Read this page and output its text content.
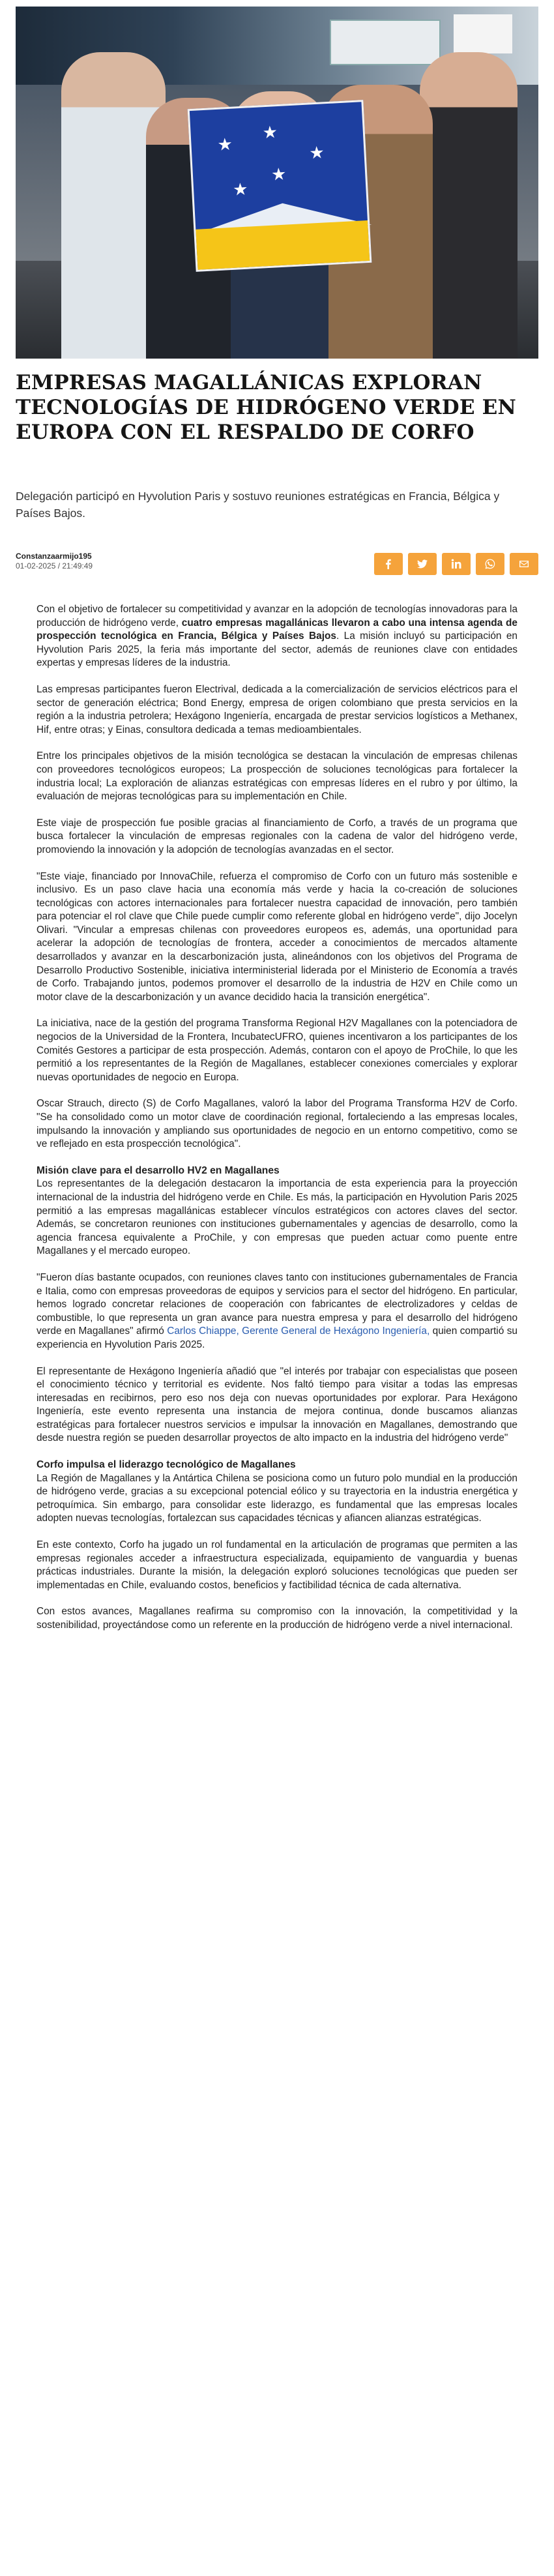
★
★
★
★
★
EMPRESAS MAGALLÁNICAS EXPLORAN TECNOLOGÍAS DE HIDRÓGENO VERDE EN EUROPA CON EL RESPALDO DE CORFO

Delegación participó en Hyvolution Paris y sostuvo reuniones estratégicas en Francia, Bélgica y Países Bajos.

Constanzaarmijo195
01-02-2025 / 21:49:49

Con el objetivo de fortalecer su competitividad y avanzar en la adopción de tecnologías innovadoras para la producción de hidrógeno verde, cuatro empresas magallánicas llevaron a cabo una intensa agenda de prospección tecnológica en Francia, Bélgica y Países Bajos. La misión incluyó su participación en Hyvolution Paris 2025, la feria más importante del sector, además de reuniones clave con entidades expertas y empresas líderes de la industria.

Las empresas participantes fueron Electrival, dedicada a la comercialización de servicios eléctricos para el sector de generación eléctrica; Bond Energy, empresa de origen colombiano que presta servicios en la región a la industria petrolera; Hexágono Ingeniería, encargada de prestar servicios logísticos a Methanex, Hif, entre otras; y Einas, consultora dedicada a temas medioambientales.

Entre los principales objetivos de la misión tecnológica se destacan la vinculación de empresas chilenas con proveedores tecnológicos europeos; La prospección de soluciones tecnológicas para fortalecer la industria local; La exploración de alianzas estratégicas con empresas líderes en el rubro y por último, la evaluación de mejoras tecnológicas para su implementación en Chile.

Este viaje de prospección fue posible gracias al financiamiento de Corfo, a través de un programa que busca fortalecer la vinculación de empresas regionales con la cadena de valor del hidrógeno verde, promoviendo la innovación y la adopción de tecnologías avanzadas en el sector.

"Este viaje, financiado por InnovaChile, refuerza el compromiso de Corfo con un futuro más sostenible e inclusivo. Es un paso clave hacia una economía más verde y hacia la co-creación de soluciones tecnológicas con actores internacionales para fortalecer nuestra capacidad de innovación, pero también para potenciar el rol clave que Chile puede cumplir como referente global en hidrógeno verde", dijo Jocelyn Olivari. "Vincular a empresas chilenas con proveedores europeos es, además, una oportunidad para acelerar la adopción de tecnologías de frontera, acceder a conocimientos de mercados altamente desarrollados y avanzar en la descarbonización justa, alineándonos con los objetivos del Programa de Desarrollo Productivo Sostenible, iniciativa interministerial liderada por el Ministerio de Economía a través de Corfo. Trabajando juntos, podemos promover el desarrollo de la industria de H2V en Chile como un motor clave de la descarbonización y un avance decidido hacia la transición energética".

La iniciativa, nace de la gestión del programa Transforma Regional H2V Magallanes con la potenciadora de negocios de la Universidad de la Frontera, IncubatecUFRO, quienes incentivaron a los participantes de los Comités Gestores a participar de esta prospección. Además, contaron con el apoyo de ProChile, lo que les permitió a los representantes de la Región de Magallanes, establecer conexiones comerciales y explorar nuevas oportunidades de negocio en Europa.

Oscar Strauch, directo (S) de Corfo Magallanes, valoró la labor del Programa Transforma H2V de Corfo. "Se ha consolidado como un motor clave de coordinación regional, fortaleciendo a las empresas locales, impulsando la innovación y ampliando sus oportunidades de negocio en un entorno competitivo, como se ve reflejado en esta prospección tecnológica".

Misión clave para el desarrollo HV2 en Magallanes

Los representantes de la delegación destacaron la importancia de esta experiencia para la proyección internacional de la industria del hidrógeno verde en Chile. Es más, la participación en Hyvolution Paris 2025 permitió a las empresas magallánicas establecer vínculos estratégicos con actores claves del sector. Además, se concretaron reuniones con instituciones gubernamentales y agencias de desarrollo, como la agencia francesa equivalente a ProChile, y con empresas que pueden actuar como puente entre Magallanes y el mercado europeo.

"Fueron días bastante ocupados, con reuniones claves tanto con instituciones gubernamentales de Francia e Italia, como con empresas proveedoras de equipos y servicios para el sector del hidrógeno. En particular, hemos logrado concretar relaciones de cooperación con fabricantes de electrolizadores y celdas de combustible, lo que representa un gran avance para nuestra empresa y para el desarrollo del hidrógeno verde en Magallanes" afirmó Carlos Chiappe, Gerente General de Hexágono Ingeniería, quien compartió su experiencia en Hyvolution Paris 2025.

El representante de Hexágono Ingeniería añadió que "el interés por trabajar con especialistas que poseen el conocimiento técnico y territorial es evidente. Nos faltó tiempo para visitar a todas las empresas interesadas en recibirnos, pero eso nos deja con nuevas oportunidades por explorar. Para Hexágono Ingeniería, este evento representa una instancia de mejora continua, donde buscamos alianzas estratégicas para fortalecer nuestros servicios e impulsar la innovación en Magallanes, demostrando que desde nuestra región se pueden desarrollar proyectos de alto impacto en la industria del hidrógeno verde"

Corfo impulsa el liderazgo tecnológico de Magallanes

La Región de Magallanes y la Antártica Chilena se posiciona como un futuro polo mundial en la producción de hidrógeno verde, gracias a su excepcional potencial eólico y su trayectoria en la industria energética y petroquímica. Sin embargo, para consolidar este liderazgo, es fundamental que las empresas locales adopten nuevas tecnologías, fortalezcan sus capacidades técnicas y afiancen alianzas estratégicas.

En este contexto, Corfo ha jugado un rol fundamental en la articulación de programas que permiten a las empresas regionales acceder a infraestructura especializada, equipamiento de vanguardia y buenas prácticas industriales. Durante la misión, la delegación exploró soluciones tecnológicas que pueden ser implementadas en Chile, evaluando costos, beneficios y factibilidad técnica de cada alternativa.

Con estos avances, Magallanes reafirma su compromiso con la innovación, la competitividad y la sostenibilidad, proyectándose como un referente en la producción de hidrógeno verde a nivel internacional.
